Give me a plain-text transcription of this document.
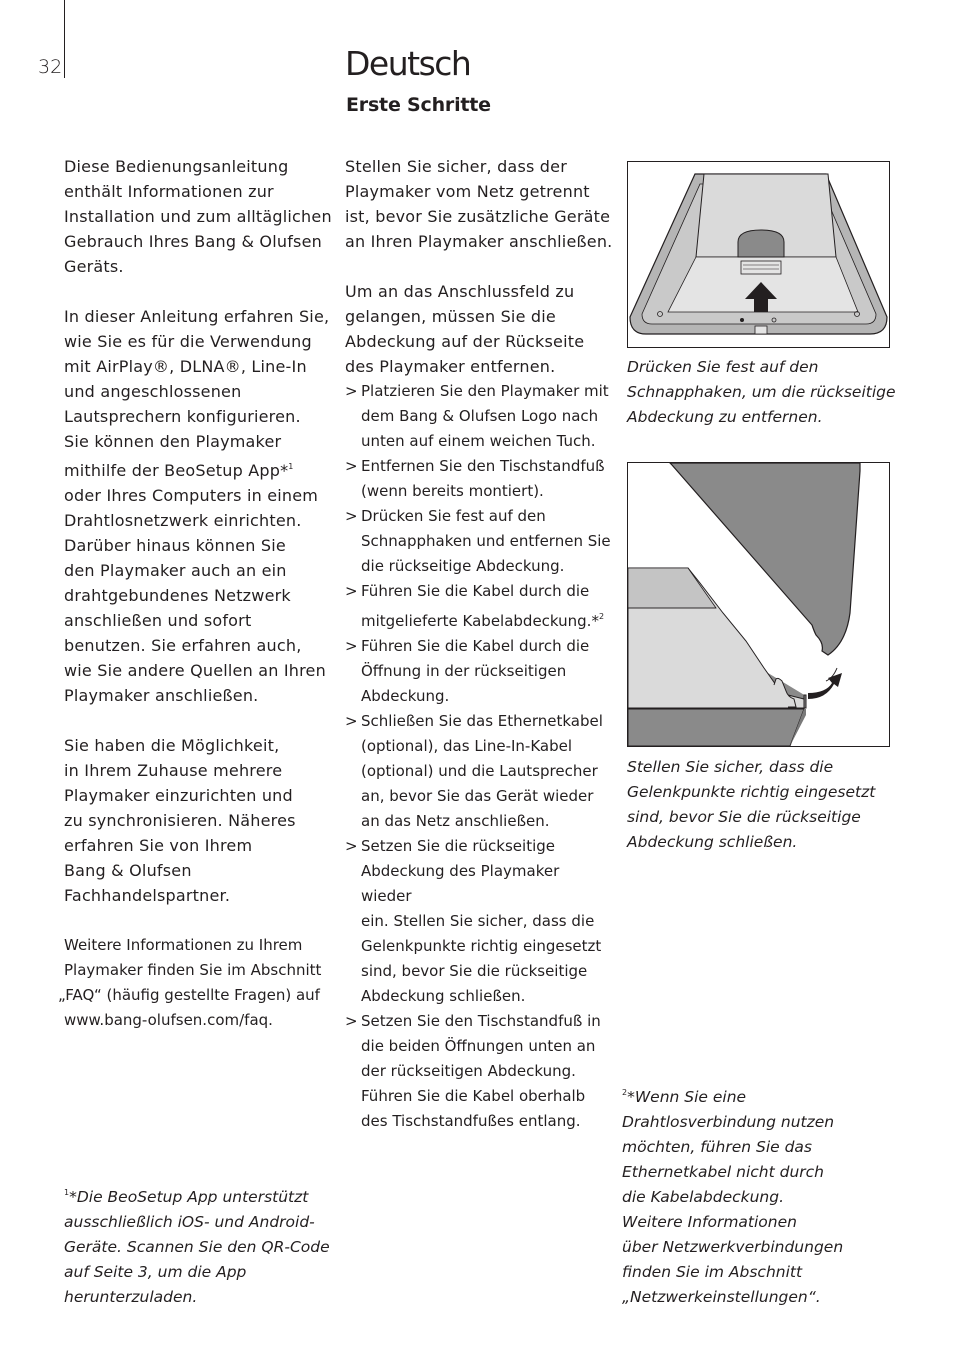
32	Deutsch
Erste Schritte

Diese Bedienungsanleitung
enthält Informationen zur
Installation und zum alltäglichen
Gebrauch Ihres Bang & Olufsen
Geräts.

In dieser Anleitung erfahren Sie,
wie Sie es für die Verwendung
mit AirPlay®, DLNA®, Line-In
und angeschlossenen
Lautsprechern konfigurieren.
Sie können den Playmaker
mithilfe der BeoSetup App*$^1$
oder Ihres Computers in einem
Drahtlosnetzwerk einrichten.
Darüber hinaus können Sie
den Playmaker auch an ein
drahtgebundenes Netzwerk
anschließen und sofort
benutzen. Sie erfahren auch,
wie Sie andere Quellen an Ihren
Playmaker anschließen.

Sie haben die Möglichkeit,
in Ihrem Zuhause mehrere
Playmaker einzurichten und
zu synchronisieren. Näheres
erfahren Sie von Ihrem
Bang & Olufsen
Fachhandelspartner.

Weitere Informationen zu Ihrem
Playmaker finden Sie im Abschnitt
„FAQ“ (häufig gestellte Fragen) auf
www.bang-olufsen.com/faq.

Stellen Sie sicher, dass der
Playmaker vom Netz getrennt
ist, bevor Sie zusätzliche Geräte
an Ihren Playmaker anschließen.

Um an das Anschlussfeld zu
gelangen, müssen Sie die
Abdeckung auf der Rückseite
des Playmaker entfernen.

> Platzieren Sie den Playmaker mit
dem Bang & Olufsen Logo nach
unten auf einem weichen Tuch.
> Entfernen Sie den Tischstandfuß
(wenn bereits montiert).
> Drücken Sie fest auf den
Schnapphaken und entfernen Sie
die rückseitige Abdeckung.
> Führen Sie die Kabel durch die
mitgelieferte Kabelabdeckung.*$^2$
> Führen Sie die Kabel durch die
Öffnung in der rückseitigen
Abdeckung.
> Schließen Sie das Ethernetkabel
(optional), das Line-In-Kabel
(optional) und die Lautsprecher
an, bevor Sie das Gerät wieder
an das Netz anschließen.
> Setzen Sie die rückseitige
Abdeckung des Playmaker wieder
ein. Stellen Sie sicher, dass die
Gelenkpunkte richtig eingesetzt
sind, bevor Sie die rückseitige
Abdeckung schließen.
> Setzen Sie den Tischstandfuß in
die beiden Öffnungen unten an
der rückseitigen Abdeckung.
Führen Sie die Kabel oberhalb
des Tischstandfußes entlang.
Drücken Sie fest auf den
Schnapphaken, um die rückseitige
Abdeckung zu entfernen.
Stellen Sie sicher, dass die
Gelenkpunkte richtig eingesetzt
sind, bevor Sie die rückseitige
Abdeckung schließen.
$^1$*Die BeoSetup App unterstützt
ausschließlich iOS- und Android-
Geräte. Scannen Sie den QR-Code
auf Seite 3, um die App
herunterzuladen.
$^2$*Wenn Sie eine
Drahtlosverbindung nutzen
möchten, führen Sie das
Ethernetkabel nicht durch
die Kabelabdeckung.
Weitere Informationen
über Netzwerkverbindungen
finden Sie im Abschnitt
„Netzwerkeinstellungen“.
